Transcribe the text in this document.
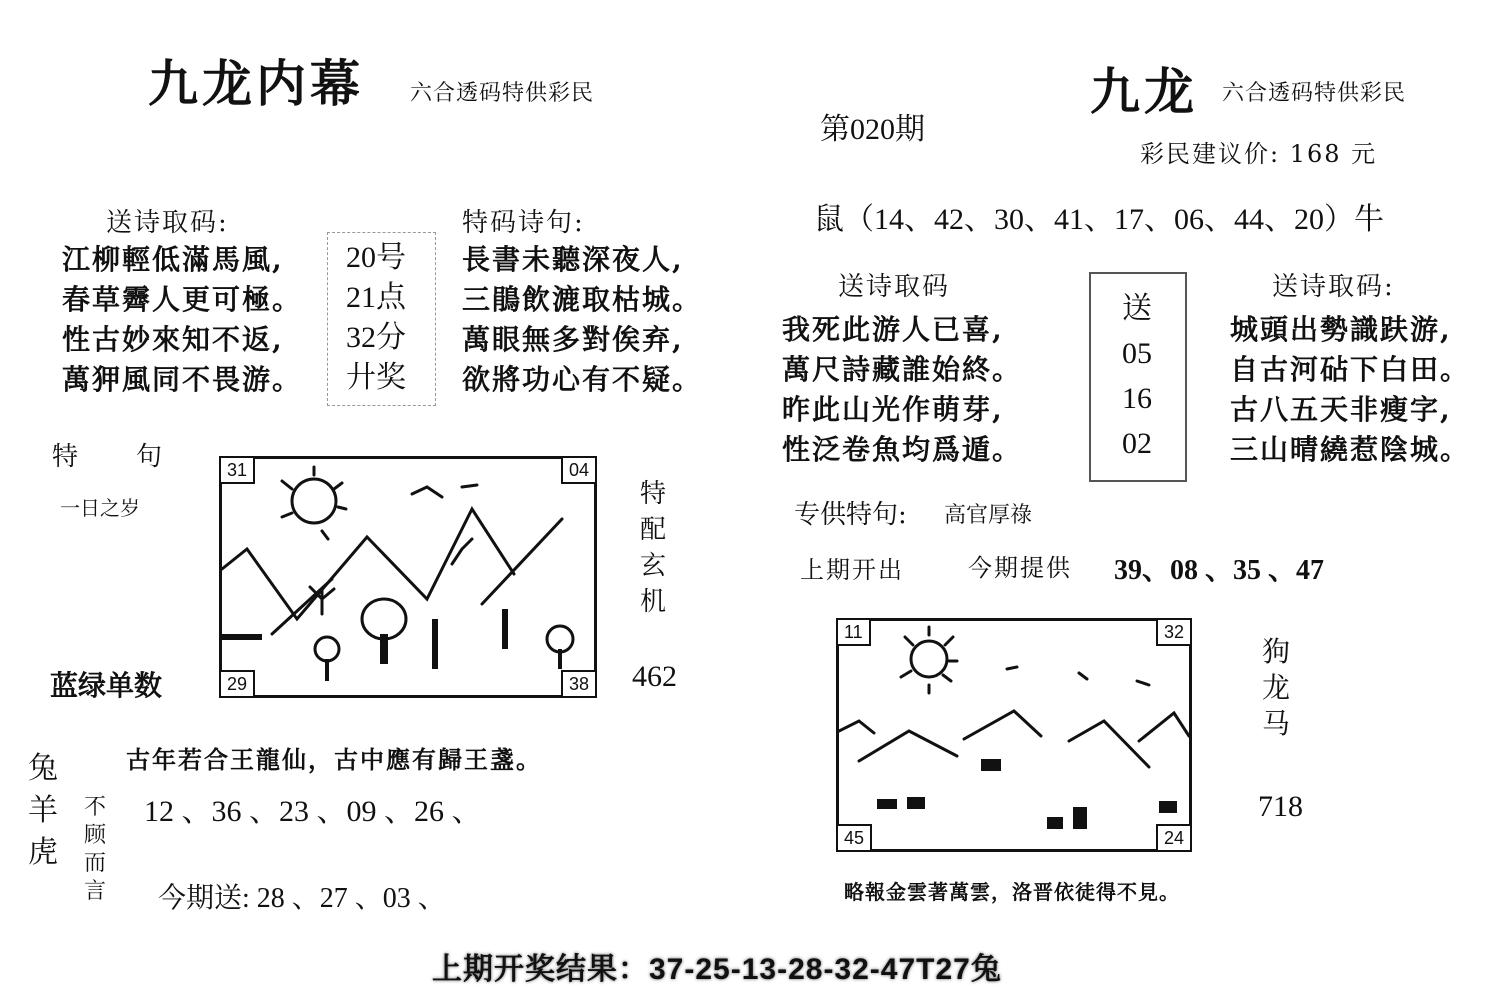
九龙内幕 六合透码特供彩民
送诗取码:
江柳輕低滿馬風,
春草霽人更可極。
性古妙來知不返,
萬狎風同不畏游。
20号
21点
32分
廾奖
特码诗句:
長書未聽深夜人,
三鵑飲漉取枯城。
萬眼無多對俟弃,
欲將功心有不疑。
特　　句
一日之岁
蓝绿单数
31	04
29	38
特
配
玄
机
462
兔
羊
虎
不
顾
而
言
古年若合王龍仙，古中應有歸王盞。
12 、36 、23 、09 、26 、
今期送: 28 、27 、03 、
九龙 六合透码特供彩民
第020期
彩民建议价: 168 元
鼠（14、42、30、41、17、06、44、20）牛
送诗取码
我死此游人已喜,
萬尺詩藏誰始終。
昨此山光作萌芽,
性泛卷魚均爲遁。
送
05
16
02
送诗取码:
城頭出勢識趺游,
自古河砧下白田。
古八五天非瘦字,
三山晴繞惹陰城。
专供特句: 高官厚祿
上期开出	今期提供 39、08 、35 、47
11	32
45	24
狗
龙
马
718
略報金雲著萬雲，洛晋依徒得不見。
上期开奖结果：37-25-13-28-32-47T27兔
